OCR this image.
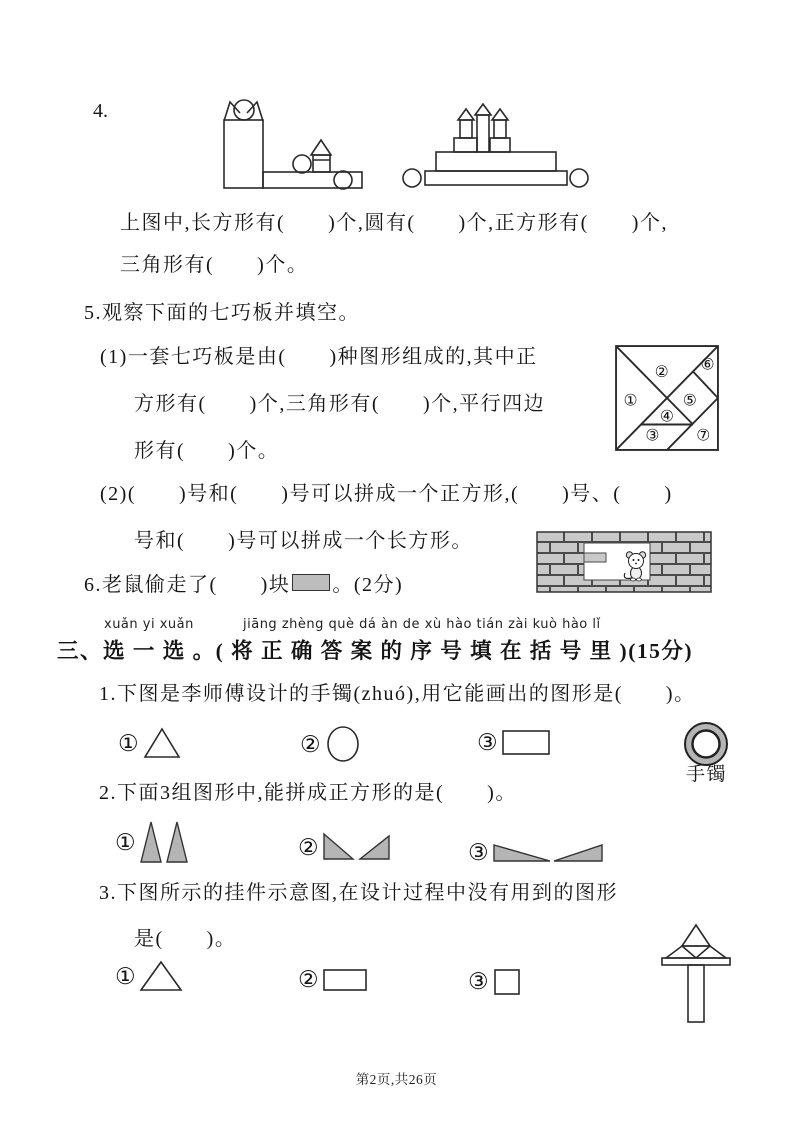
4.
上图中,长方形有(　　)个,圆有(　　)个,正方形有(　　)个,
三角形有(　　)个。
5.观察下面的七巧板并填空。
(1)一套七巧板是由(　　)种图形组成的,其中正
方形有(　　)个,三角形有(　　)个,平行四边
形有(　　)个。
①
②
③
④
⑤
⑥
⑦
(2)(　　)号和(　　)号可以拼成一个正方形,(　　)号、(　　)
号和(　　)号可以拼成一个长方形。
6.老鼠偷走了(　　)块 。(2分)
xuǎn yi xuǎn	jiāng zhèng què dá àn de xù hào tián zài kuò hào lǐ
三、选 一 选 。( 将 正 确 答 案 的 序 号 填 在 括 号 里 )(15分)
1.下图是李师傅设计的手镯(zhuó),用它能画出的图形是(　　)。
①	②	③
手镯
2.下面3组图形中,能拼成正方形的是(　　)。
①	②	③
3.下图所示的挂件示意图,在设计过程中没有用到的图形
是(　　)。
①	②	③
第2页,共26页
